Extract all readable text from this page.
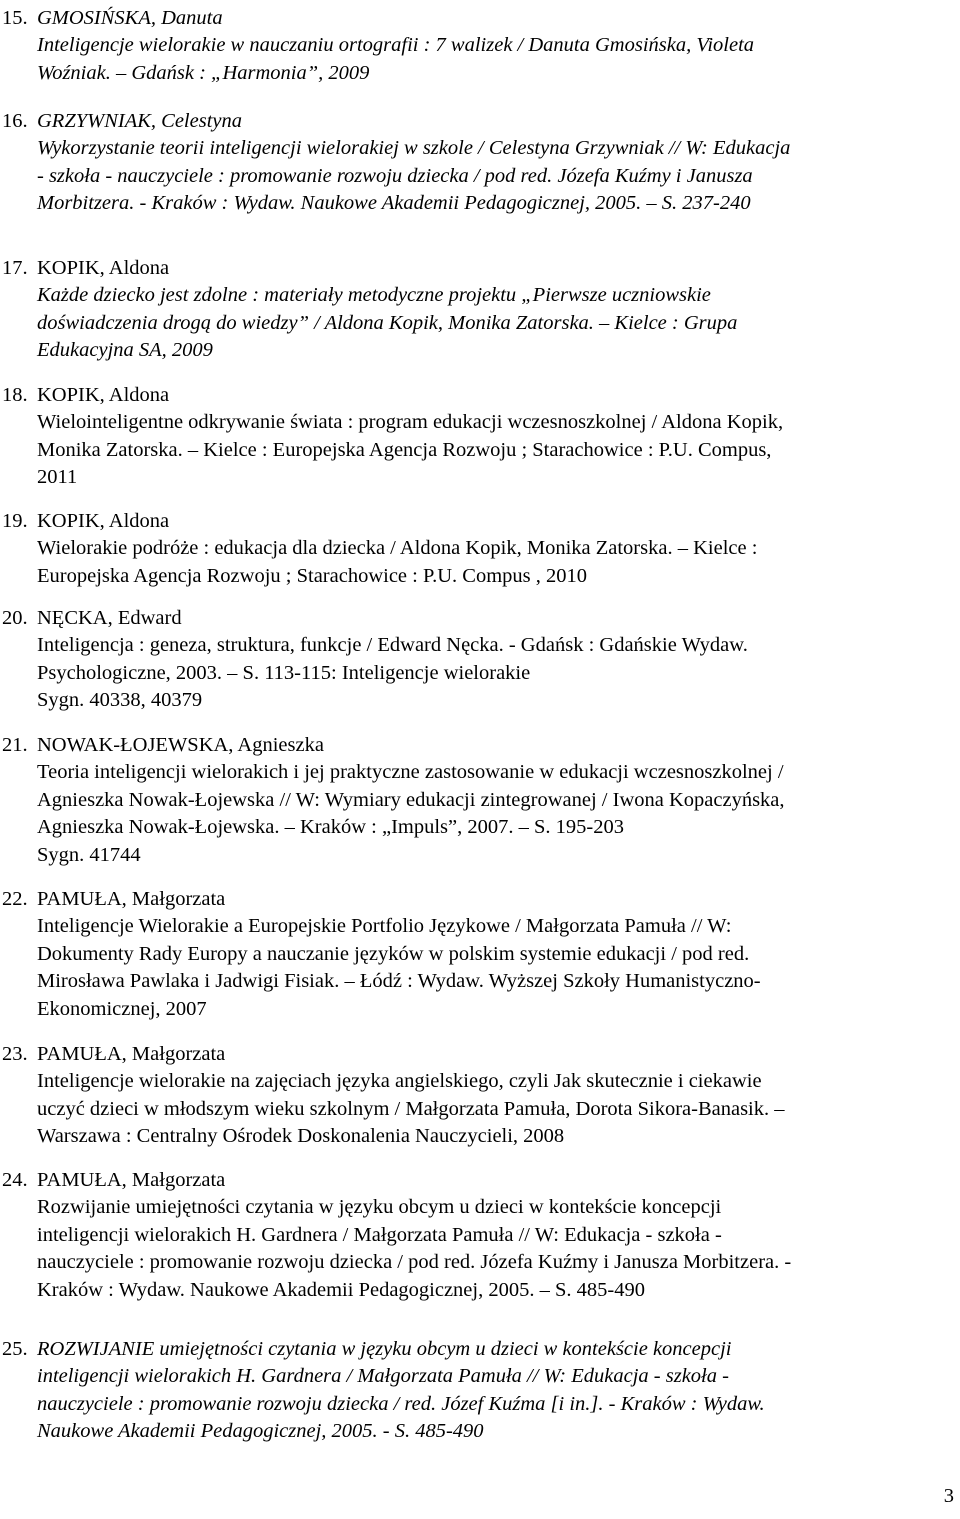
15. GMOSIŃSKA, Danuta
Inteligencje wielorakie w nauczaniu ortografii : 7 walizek / Danuta Gmosińska, Violeta
Woźniak. – Gdańsk : „Harmonia”, 2009
16. GRZYWNIAK, Celestyna
Wykorzystanie teorii inteligencji wielorakiej w szkole / Celestyna Grzywniak // W: Edukacja
- szkoła - nauczyciele : promowanie rozwoju dziecka / pod red. Józefa Kuźmy i Janusza
Morbitzera. - Kraków : Wydaw. Naukowe Akademii Pedagogicznej, 2005. – S. 237-240
17. KOPIK, Aldona
Każde dziecko jest zdolne : materiały metodyczne projektu „Pierwsze uczniowskie
doświadczenia drogą do wiedzy” / Aldona Kopik, Monika Zatorska. – Kielce : Grupa
Edukacyjna SA, 2009
18. KOPIK, Aldona
Wielointeligentne odkrywanie świata : program edukacji wczesnoszkolnej / Aldona Kopik,
Monika Zatorska. – Kielce : Europejska Agencja Rozwoju ; Starachowice : P.U. Compus,
2011
19. KOPIK, Aldona
Wielorakie podróże : edukacja dla dziecka / Aldona Kopik, Monika Zatorska. – Kielce :
Europejska Agencja Rozwoju ; Starachowice : P.U. Compus , 2010
20. NĘCKA, Edward
Inteligencja : geneza, struktura, funkcje / Edward Nęcka. - Gdańsk : Gdańskie Wydaw.
Psychologiczne, 2003. – S. 113-115: Inteligencje wielorakie
Sygn. 40338, 40379
21. NOWAK-ŁOJEWSKA, Agnieszka
Teoria inteligencji wielorakich i jej praktyczne zastosowanie w edukacji wczesnoszkolnej /
Agnieszka Nowak-Łojewska // W: Wymiary edukacji zintegrowanej / Iwona Kopaczyńska,
Agnieszka Nowak-Łojewska. – Kraków : „Impuls”, 2007. – S. 195-203
Sygn. 41744
22. PAMUŁA, Małgorzata
Inteligencje Wielorakie a Europejskie Portfolio Językowe / Małgorzata Pamuła // W:
Dokumenty Rady Europy a nauczanie języków w polskim systemie edukacji / pod red.
Mirosława Pawlaka i Jadwigi Fisiak. – Łódź : Wydaw. Wyższej Szkoły Humanistyczno-
Ekonomicznej, 2007
23. PAMUŁA, Małgorzata
Inteligencje wielorakie na zajęciach języka angielskiego, czyli Jak skutecznie i ciekawie
uczyć dzieci w młodszym wieku szkolnym / Małgorzata Pamuła, Dorota Sikora-Banasik. –
Warszawa : Centralny Ośrodek Doskonalenia Nauczycieli, 2008
24. PAMUŁA, Małgorzata
Rozwijanie umiejętności czytania w języku obcym u dzieci w kontekście koncepcji
inteligencji wielorakich H. Gardnera / Małgorzata Pamuła // W: Edukacja - szkoła -
nauczyciele : promowanie rozwoju dziecka / pod red. Józefa Kuźmy i Janusza Morbitzera. -
Kraków : Wydaw. Naukowe Akademii Pedagogicznej, 2005. – S. 485-490
25. ROZWIJANIE umiejętności czytania w języku obcym u dzieci w kontekście koncepcji
inteligencji wielorakich H. Gardnera / Małgorzata Pamuła // W: Edukacja - szkoła -
nauczyciele : promowanie rozwoju dziecka / red. Józef Kuźma [i in.]. - Kraków : Wydaw.
Naukowe Akademii Pedagogicznej, 2005. - S. 485-490
3
